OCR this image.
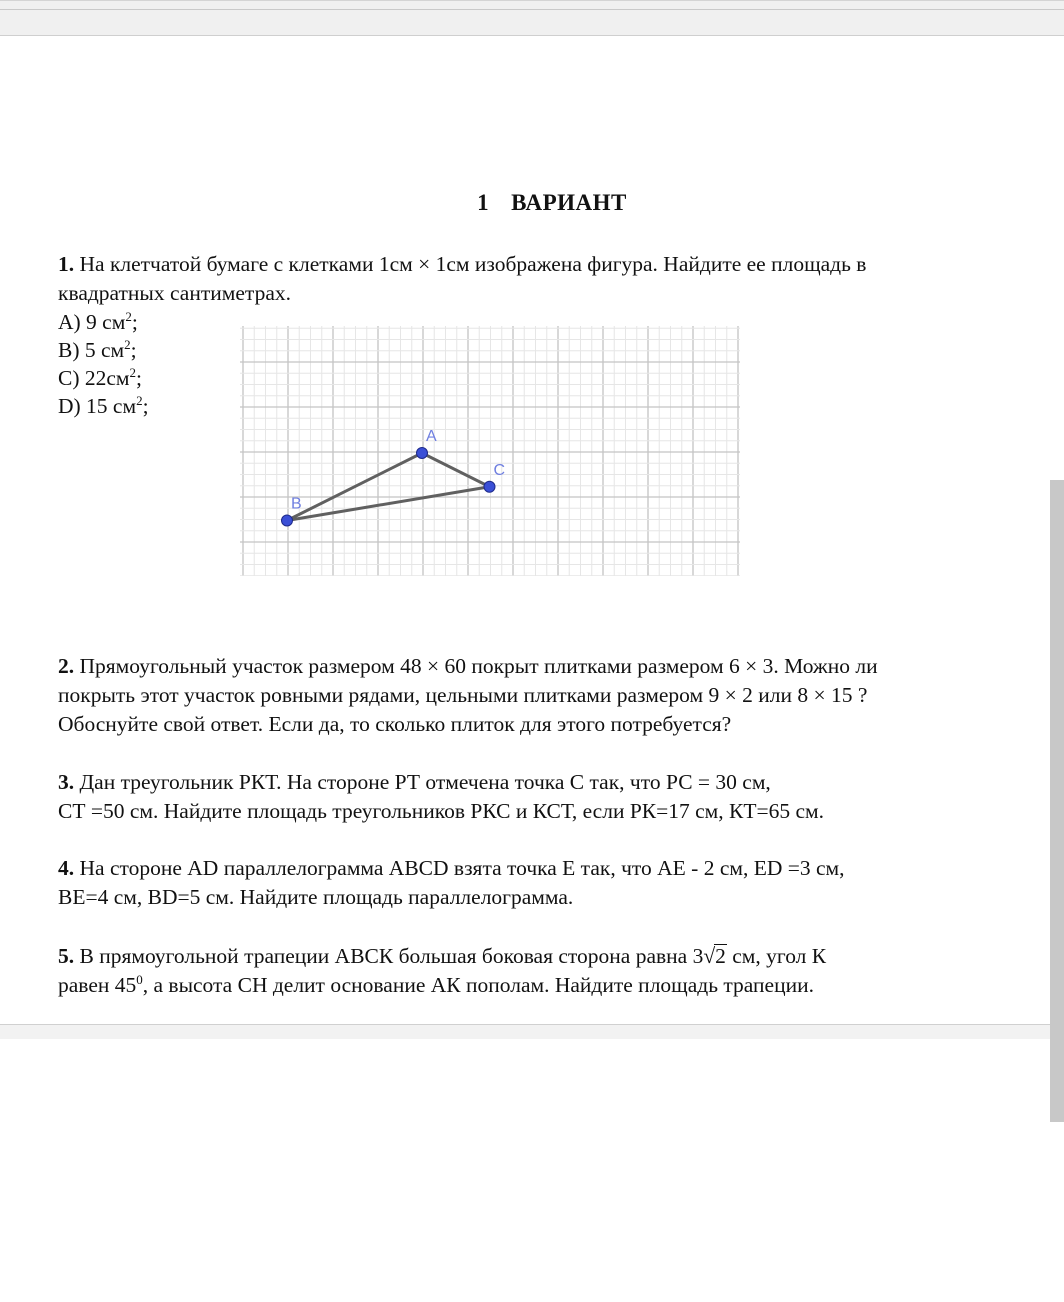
1 ВАРИАНТ
1. На клетчатой бумаге с клетками 1см × 1см изображена фигура. Найдите ее площадь в
квадратных сантиметрах.
А) 9 $см^2$;
В) 5 $см^2$;
С) $22см^2$;
D) 15 $см^2$;
A
B
C
2. Прямоугольный участок размером 48 × 60 покрыт плитками размером 6 × 3. Можно ли
покрыть этот участок ровными рядами, цельными плитками размером 9 × 2 или 8 × 15 ?
Обоснуйте свой ответ. Если да, то сколько плиток для этого потребуется?
3. Дан треугольник РКТ. На стороне РТ отмечена точка С так, что РС = 30 см,
СТ =50 см. Найдите площадь треугольников РКС и КСТ, если РК=17 см, КТ=65 см.
4. На стороне AD параллелограмма ABCD взята точка Е так, что АЕ - 2 см, ED =3 см,
ВЕ=4 см, BD=5 см. Найдите площадь параллелограмма.
5. В прямоугольной трапеции АВСК большая боковая сторона равна 3√2 см, угол К
равен $45^0$, а высота СН делит основание АК пополам. Найдите площадь трапеции.
